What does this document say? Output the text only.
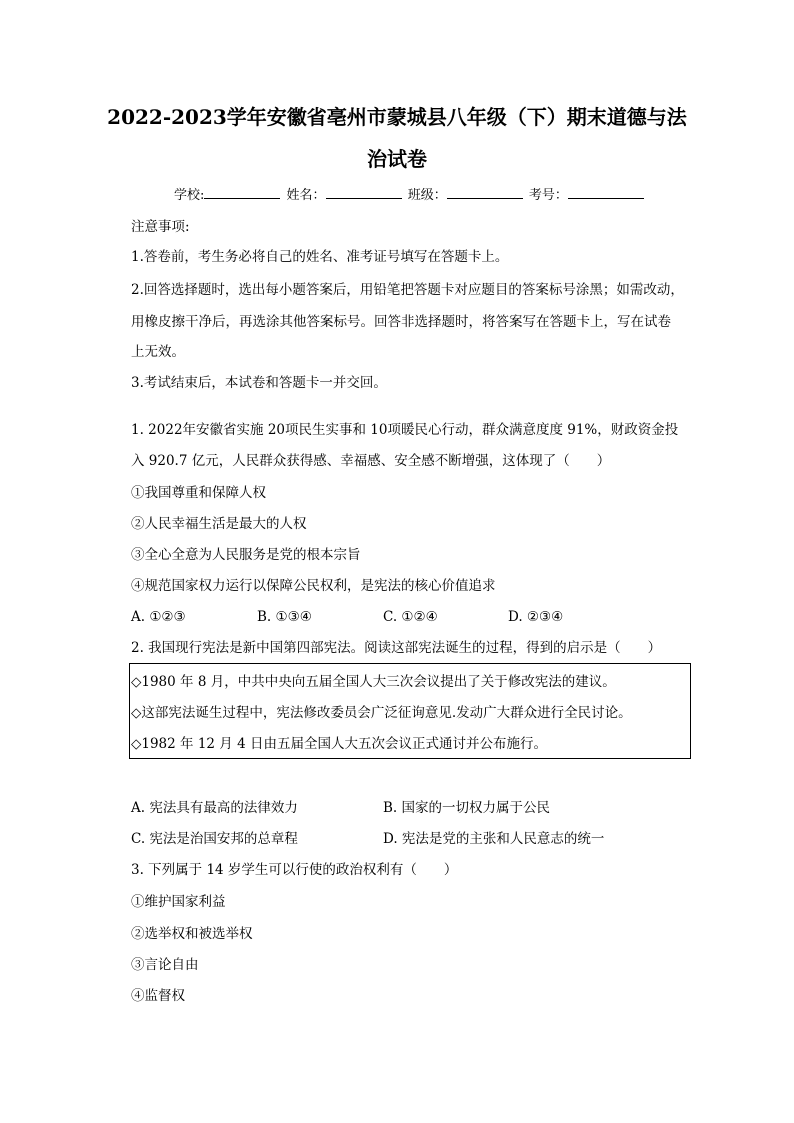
2022-2023学年安徽省亳州市蒙城县八年级（下）期末道德与法
治试卷
学校:	姓名：	班级：	考号：
注意事项:
1.答卷前，考生务必将自己的姓名、准考证号填写在答题卡上。
2.回答选择题时，选出每小题答案后，用铅笔把答题卡对应题目的答案标号涂黑；如需改动，
用橡皮擦干净后，再选涂其他答案标号。回答非选择题时，将答案写在答题卡上，写在试卷
上无效。
3.考试结束后，本试卷和答题卡一并交回。
1. 2022年安徽省实施 20项民生实事和 10项暖民心行动，群众满意度度 91%，财政资金投
入 920.7 亿元，人民群众获得感、幸福感、安全感不断增强，这体现了（　　）
①我国尊重和保障人权
②人民幸福生活是最大的人权
③全心全意为人民服务是党的根本宗旨
④规范国家权力运行以保障公民权利，是宪法的核心价值追求
A. ①②③	B. ①③④	C. ①②④	D. ②③④
2. 我国现行宪法是新中国第四部宪法。阅读这部宪法诞生的过程，得到的启示是（　　）
◇1980 年 8 月，中共中央向五届全国人大三次会议提出了关于修改宪法的建议。
◇这部宪法诞生过程中，宪法修改委员会广泛征询意见.发动广大群众进行全民讨论。
◇1982 年 12 月 4 日由五届全国人大五次会议正式通讨并公布施行。
A. 宪法具有最高的法律效力	B. 国家的一切权力属于公民
C. 宪法是治国安邦的总章程	D. 宪法是党的主张和人民意志的统一
3. 下列属于 14 岁学生可以行使的政治权利有（　　）
①维护国家利益
②选举权和被选举权
③言论自由
④监督权
